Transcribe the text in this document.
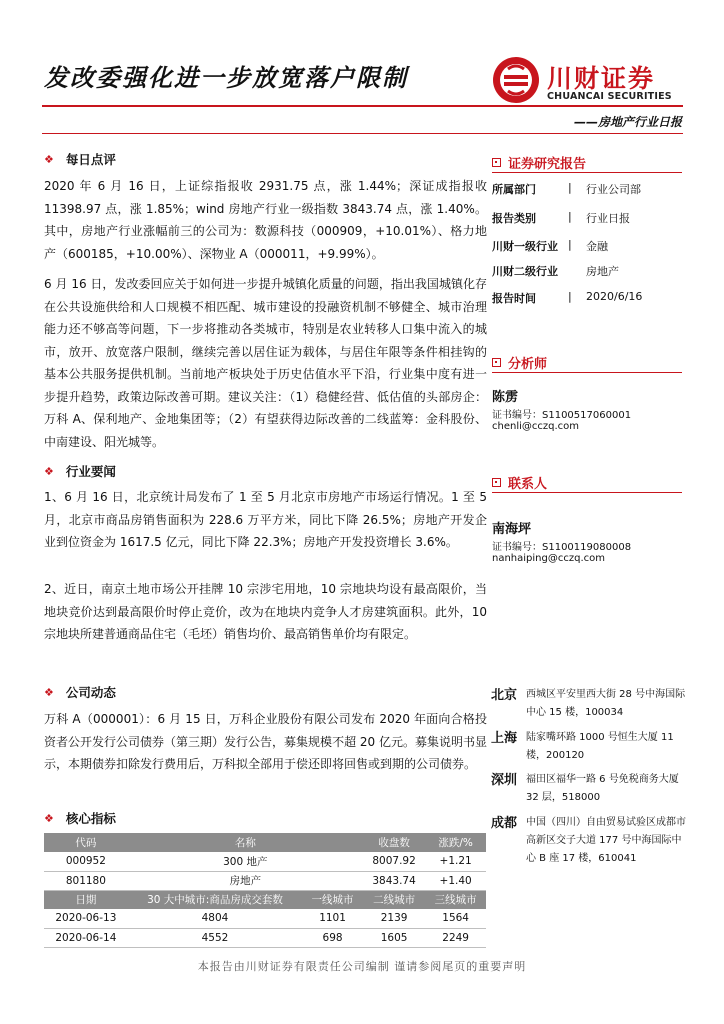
发改委强化进一步放宽落户限制	川财证券
CHUANCAI SECURITIES
——房地产行业日报
❖ 每日点评
2020 年 6 月 16 日，上证综指报收 2931.75 点，涨 1.44%；深证成指报收 11398.97 点，涨 1.85%；wind 房地产行业一级指数 3843.74 点，涨 1.40%。其中，房地产行业涨幅前三的公司为：数源科技（000909，+10.01%）、格力地产（600185，+10.00%）、深物业 A（000011，+9.99%）。
6 月 16 日，发改委回应关于如何进一步提升城镇化质量的问题，指出我国城镇化存在公共设施供给和人口规模不相匹配、城市建设的投融资机制不够健全、城市治理能力还不够高等问题，下一步将推动各类城市，特别是农业转移人口集中流入的城市，放开、放宽落户限制，继续完善以居住证为载体，与居住年限等条件相挂钩的基本公共服务提供机制。当前地产板块处于历史估值水平下沿，行业集中度有进一步提升趋势，政策边际改善可期。建议关注：（1）稳健经营、低估值的头部房企：万科 A、保利地产、金地集团等；（2）有望获得边际改善的二线蓝筹：金科股份、中南建设、阳光城等。
❖ 行业要闻
1、6 月 16 日，北京统计局发布了 1 至 5 月北京市房地产市场运行情况。1 至 5 月，北京市商品房销售面积为 228.6 万平方米，同比下降 26.5%；房地产开发企业到位资金为 1617.5 亿元，同比下降 22.3%；房地产开发投资增长 3.6%。
2、近日，南京土地市场公开挂牌 10 宗涉宅用地，10 宗地块均设有最高限价，当地块竞价达到最高限价时停止竞价，改为在地块内竞争人才房建筑面积。此外，10 宗地块所建普通商品住宅（毛坯）销售均价、最高销售单价均有限定。
❖ 公司动态
万科 A（000001）：6 月 15 日，万科企业股份有限公司发布 2020 年面向合格投资者公开发行公司债券（第三期）发行公告，募集规模不超 20 亿元。募集说明书显示，本期债券扣除发行费用后，万科拟全部用于偿还即将回售或到期的公司债券。
❖ 核心指标
代码	名称		收盘数	涨跌/%
000952	300 地产		8007.92	+1.21
801180	房地产		3843.74	+1.40
日期	30 大中城市:商品房成交套数	一线城市	二线城市	三线城市
2020-06-13	4804	1101	2139	1564
2020-06-14	4552	698	1605	2249
证券研究报告
所属部门	|	行业公司部
报告类别	|	行业日报
川财一级行业 |	金融
川财二级行业	房地产
报告时间	|	2020/6/16
分析师
陈雳
证书编号：S1100517060001
chenli@cczq.com
联系人
南海坪
证书编号：S1100119080008
nanhaiping@cczq.com
北京 西城区平安里西大街 28 号中海国际中心 15 楼，100034
上海 陆家嘴环路 1000 号恒生大厦 11 楼，200120
深圳 福田区福华一路 6 号免税商务大厦 32 层，518000
成都 中国（四川）自由贸易试验区成都市高新区交子大道 177 号中海国际中心 B 座 17 楼，610041
本报告由川财证券有限责任公司编制 谨请参阅尾页的重要声明
